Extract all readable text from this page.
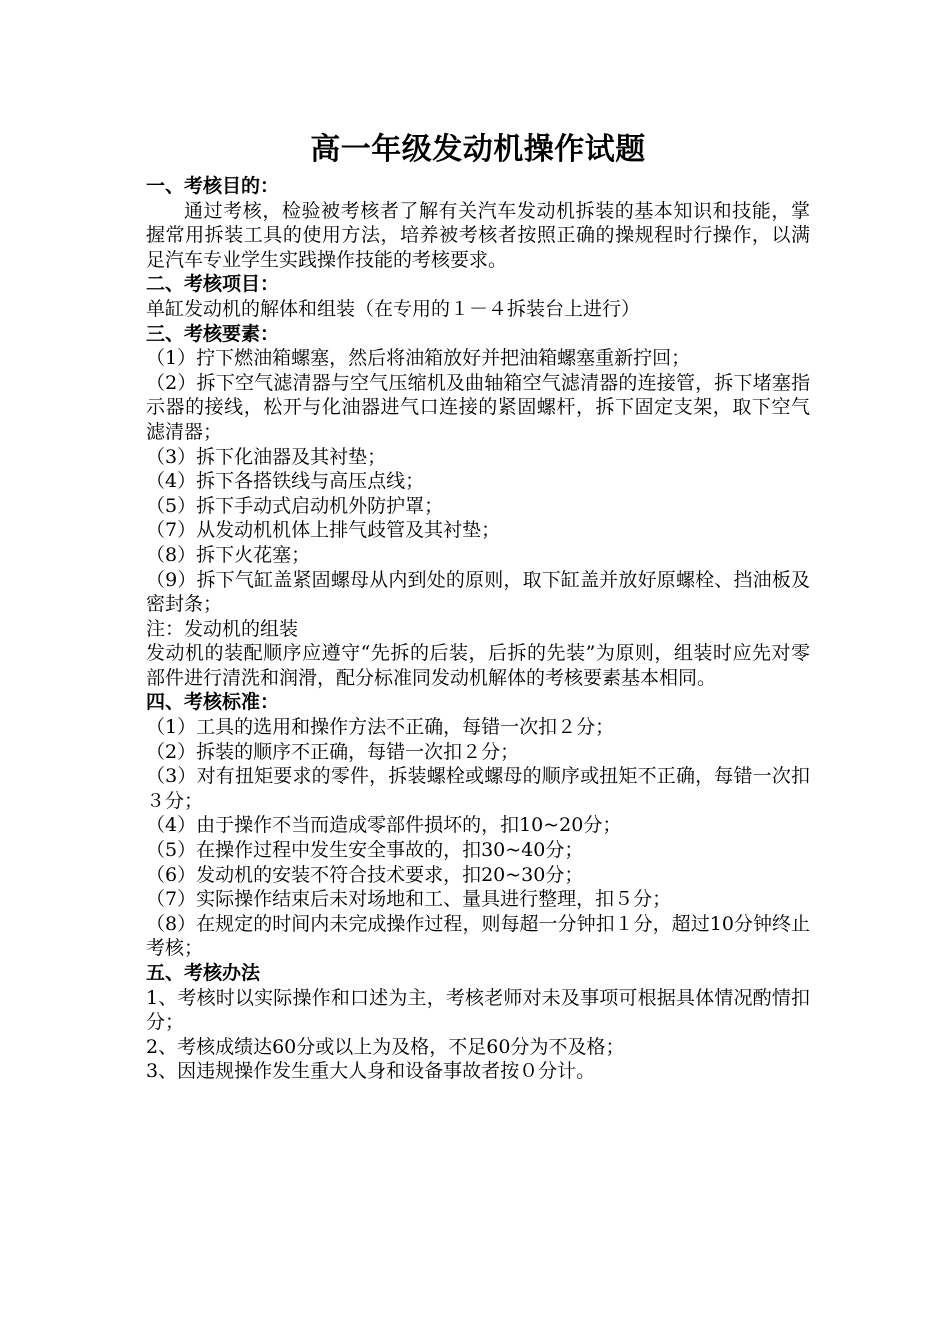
高一年级发动机操作试题

一、考核目的：

通过考核，检验被考核者了解有关汽车发动机拆装的基本知识和技能，掌握常用拆装工具的使用方法，培养被考核者按照正确的操规程时行操作，以满足汽车专业学生实践操作技能的考核要求。

二、考核项目：

单缸发动机的解体和组装（在专用的１－４拆装台上进行）

三、考核要素：

（1）拧下燃油箱螺塞，然后将油箱放好并把油箱螺塞重新拧回；

（2）拆下空气滤清器与空气压缩机及曲轴箱空气滤清器的连接管，拆下堵塞指示器的接线，松开与化油器进气口连接的紧固螺杆，拆下固定支架，取下空气滤清器；

（3）拆下化油器及其衬垫；

（4）拆下各搭铁线与高压点线；

（5）拆下手动式启动机外防护罩；

（7）从发动机机体上排气歧管及其衬垫；

（8）拆下火花塞；

（9）拆下气缸盖紧固螺母从内到处的原则，取下缸盖并放好原螺栓、挡油板及密封条；

注：发动机的组装

发动机的装配顺序应遵守“先拆的后装，后拆的先装”为原则，组装时应先对零部件进行清洗和润滑，配分标准同发动机解体的考核要素基本相同。

四、考核标准：

（1）工具的选用和操作方法不正确，每错一次扣２分；

（2）拆装的顺序不正确，每错一次扣２分；

（3）对有扭矩要求的零件，拆装螺栓或螺母的顺序或扭矩不正确，每错一次扣３分；

（4）由于操作不当而造成零部件损坏的，扣10~20分；

（5）在操作过程中发生安全事故的，扣30~40分；

（6）发动机的安装不符合技术要求，扣20~30分；

（7）实际操作结束后未对场地和工、量具进行整理，扣５分；

（8）在规定的时间内未完成操作过程，则每超一分钟扣１分，超过10分钟终止考核；

五、考核办法

1、考核时以实际操作和口述为主，考核老师对未及事项可根据具体情况酌情扣分；

2、考核成绩达60分或以上为及格，不足60分为不及格；

3、因违规操作发生重大人身和设备事故者按０分计。
